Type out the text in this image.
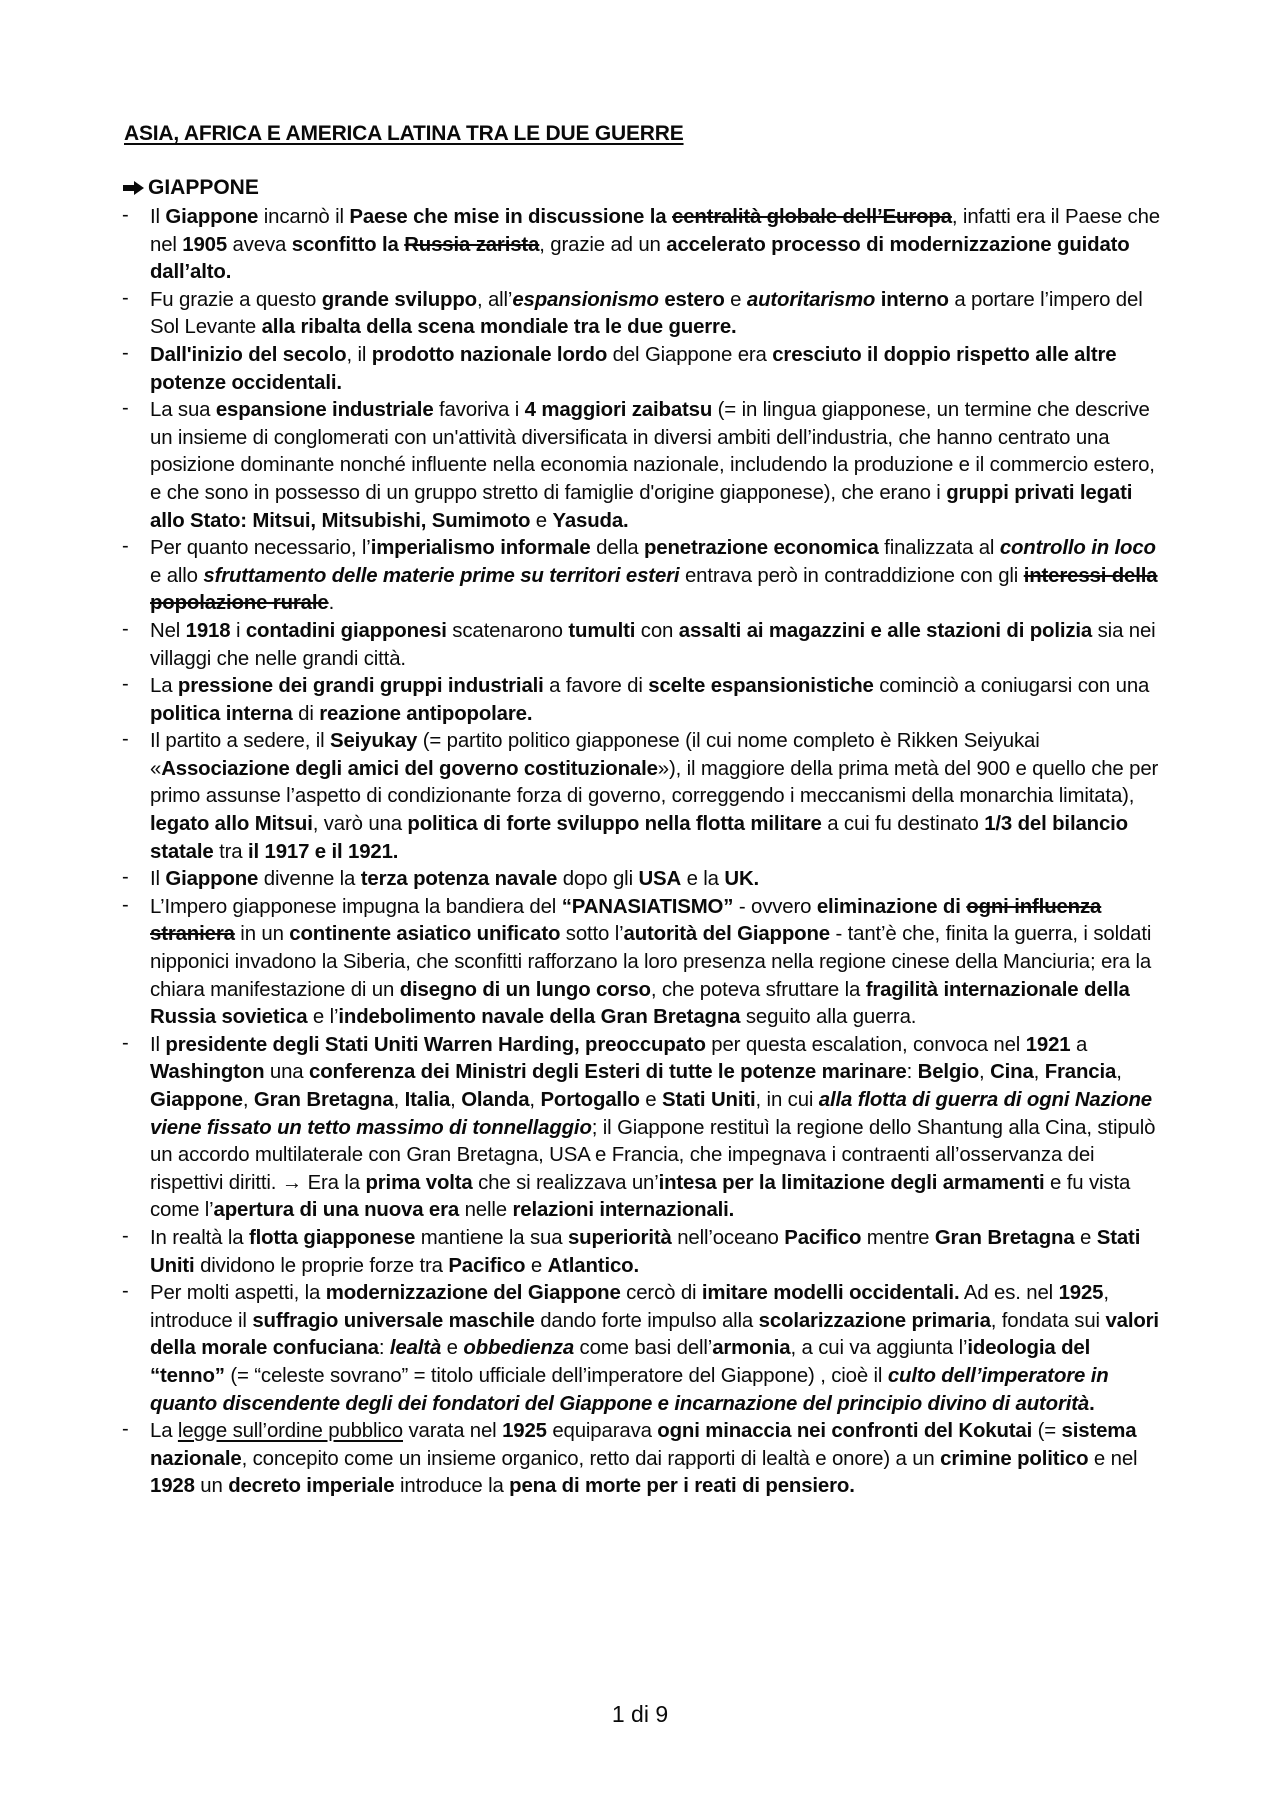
ASIA, AFRICA E AMERICA LATINA TRA LE DUE GUERRE
GIAPPONE
- Il Giappone incarnò il Paese che mise in discussione la centralità globale dell’Europa, infatti era il Paese che nel 1905 aveva sconfitto la Russia zarista, grazie ad un accelerato processo di modernizzazione guidato dall’alto.
- Fu grazie a questo grande sviluppo, all’espansionismo estero e autoritarismo interno a portare l’impero del Sol Levante alla ribalta della scena mondiale tra le due guerre.
- Dall'inizio del secolo, il prodotto nazionale lordo del Giappone era cresciuto il doppio rispetto alle altre potenze occidentali.
- La sua espansione industriale favoriva i 4 maggiori zaibatsu (= in lingua giapponese, un termine che descrive un insieme di conglomerati con un'attività diversificata in diversi ambiti dell’industria, che hanno centrato una posizione dominante nonché influente nella economia nazionale, includendo la produzione e il commercio estero, e che sono in possesso di un gruppo stretto di famiglie d'origine giapponese), che erano i gruppi privati legati allo Stato: Mitsui, Mitsubishi, Sumimoto e Yasuda.
- Per quanto necessario, l’imperialismo informale della penetrazione economica finalizzata al controllo in loco e allo sfruttamento delle materie prime su territori esteri entrava però in contraddizione con gli interessi della popolazione rurale.
- Nel 1918 i contadini giapponesi scatenarono tumulti con assalti ai magazzini e alle stazioni di polizia sia nei villaggi che nelle grandi città.
- La pressione dei grandi gruppi industriali a favore di scelte espansionistiche cominciò a coniugarsi con una politica interna di reazione antipopolare.
- Il partito a sedere, il Seiyukay (= partito politico giapponese (il cui nome completo è Rikken Seiyukai «Associazione degli amici del governo costituzionale»), il maggiore della prima metà del 900 e quello che per primo assunse l’aspetto di condizionante forza di governo, correggendo i meccanismi della monarchia limitata), legato allo Mitsui, varò una politica di forte sviluppo nella flotta militare a cui fu destinato 1/3 del bilancio statale tra il 1917 e il 1921.
- Il Giappone divenne la terza potenza navale dopo gli USA e la UK.
- L’Impero giapponese impugna la bandiera del “PANASIATISMO” - ovvero eliminazione di ogni influenza straniera in un continente asiatico unificato sotto l’autorità del Giappone - tant’è che, finita la guerra, i soldati nipponici invadono la Siberia, che sconfitti rafforzano la loro presenza nella regione cinese della Manciuria; era la chiara manifestazione di un disegno di un lungo corso, che poteva sfruttare la fragilità internazionale della Russia sovietica e l’indebolimento navale della Gran Bretagna seguito alla guerra.
- Il presidente degli Stati Uniti Warren Harding, preoccupato per questa escalation, convoca nel 1921 a Washington una conferenza dei Ministri degli Esteri di tutte le potenze marinare: Belgio, Cina, Francia, Giappone, Gran Bretagna, Italia, Olanda, Portogallo e Stati Uniti, in cui alla flotta di guerra di ogni Nazione viene fissato un tetto massimo di tonnellaggio; il Giappone restituì la regione dello Shantung alla Cina, stipulò un accordo multilaterale con Gran Bretagna, USA e Francia, che impegnava i contraenti all’osservanza dei rispettivi diritti. → Era la prima volta che si realizzava un’intesa per la limitazione degli armamenti e fu vista come l’apertura di una nuova era nelle relazioni internazionali.
- In realtà la flotta giapponese mantiene la sua superiorità nell’oceano Pacifico mentre Gran Bretagna e Stati Uniti dividono le proprie forze tra Pacifico e Atlantico.
- Per molti aspetti, la modernizzazione del Giappone cercò di imitare modelli occidentali. Ad es. nel 1925, introduce il suffragio universale maschile dando forte impulso alla scolarizzazione primaria, fondata sui valori della morale confuciana: lealtà e obbedienza come basi dell’armonia, a cui va aggiunta l’ideologia del “tenno” (= “celeste sovrano” = titolo ufficiale dell’imperatore del Giappone) , cioè il culto dell’imperatore in quanto discendente degli dei fondatori del Giappone e incarnazione del principio divino di autorità.
- La legge sull’ordine pubblico varata nel 1925 equiparava ogni minaccia nei confronti del Kokutai (= sistema nazionale, concepito come un insieme organico, retto dai rapporti di lealtà e onore) a un crimine politico e nel 1928 un decreto imperiale introduce la pena di morte per i reati di pensiero.

1 di 9
